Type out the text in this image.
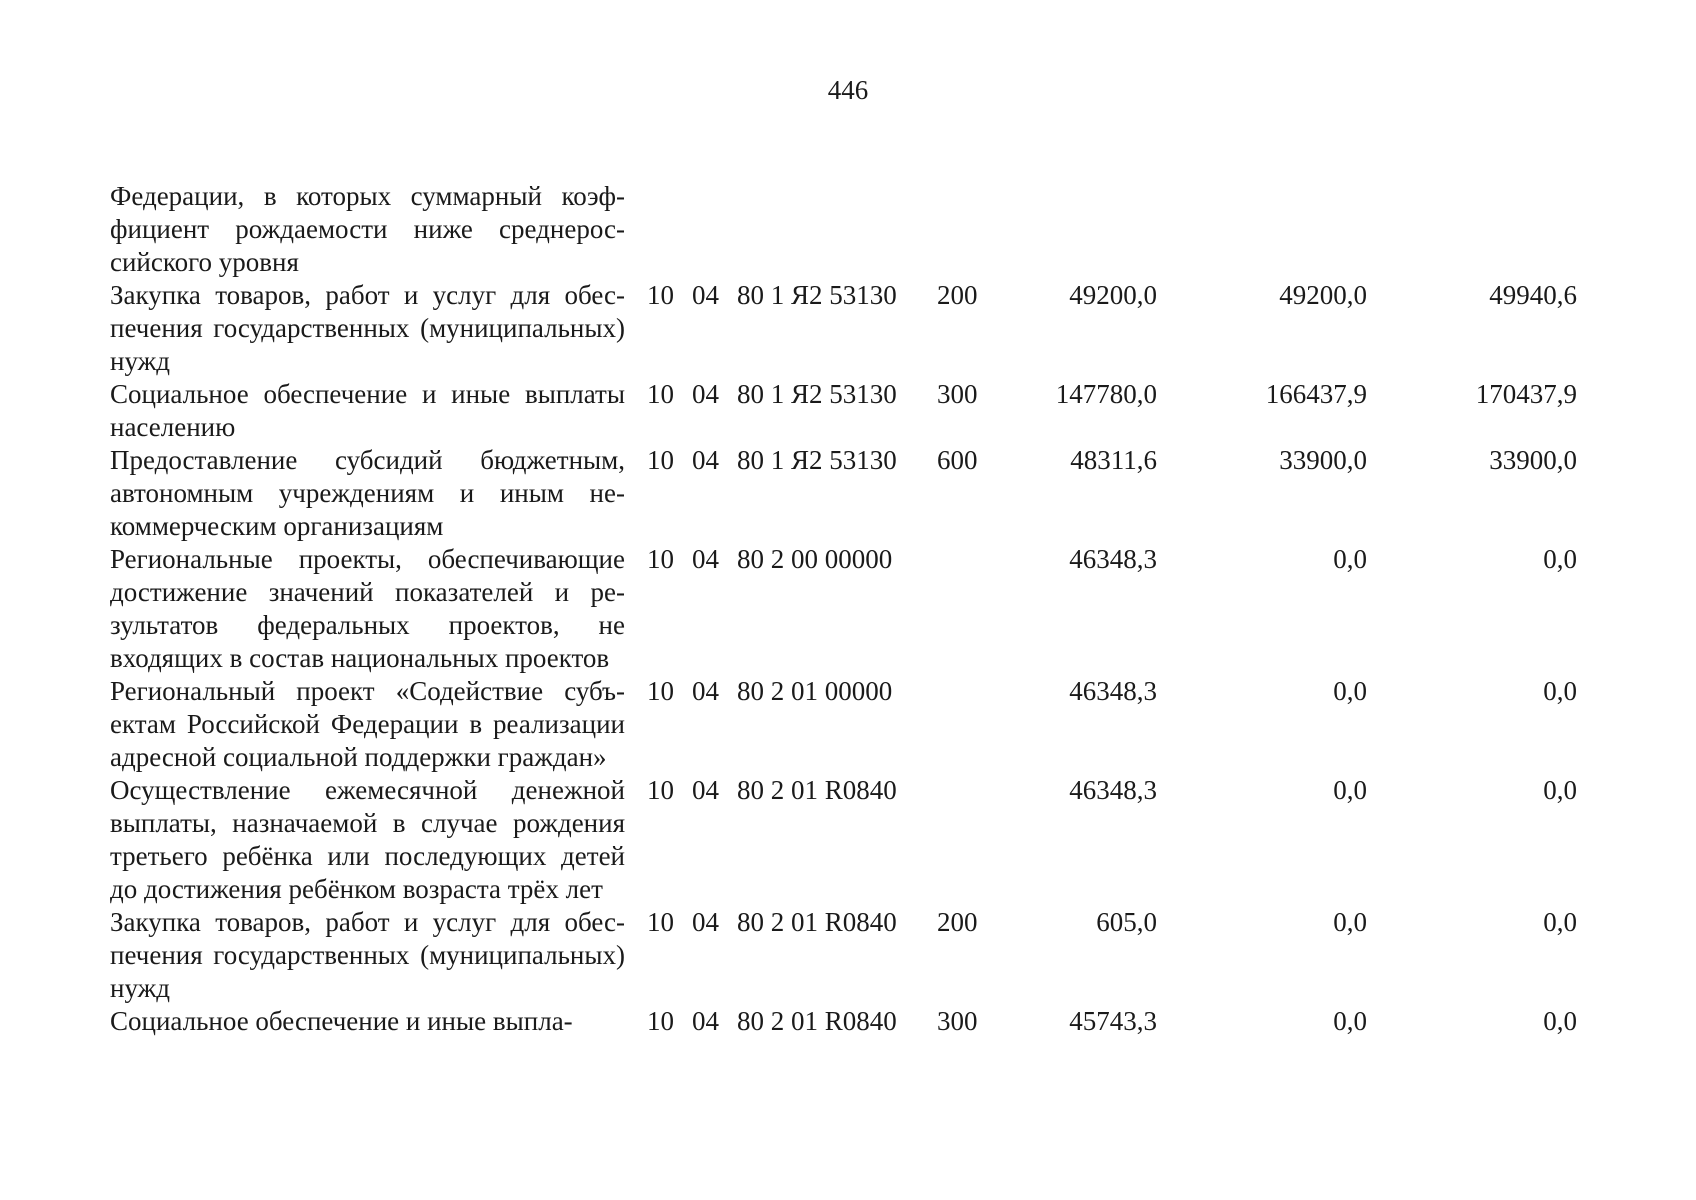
446
Федерации, в которых суммарный коэффициент рождаемости ниже среднероссийского уровня							
Закупка товаров, работ и услуг для обеспечения государственных (муниципальных) нужд	10	04	80 1 Я2 53130	200	49200,0	49200,0	49940,6
Социальное обеспечение и иные выплаты населению	10	04	80 1 Я2 53130	300	147780,0	166437,9	170437,9
Предоставление субсидий бюджетным, автономным учреждениям и иным некоммерческим организациям	10	04	80 1 Я2 53130	600	48311,6	33900,0	33900,0
Региональные проекты, обеспечивающие достижение значений показателей и результатов федеральных проектов, не входящих в состав национальных проектов	10	04	80 2 00 00000		46348,3	0,0	0,0
Региональный проект «Содействие субъектам Российской Федерации в реализации адресной социальной поддержки граждан»	10	04	80 2 01 00000		46348,3	0,0	0,0
Осуществление ежемесячной денежной выплаты, назначаемой в случае рождения третьего ребёнка или последующих детей до достижения ребёнком возраста трёх лет	10	04	80 2 01 R0840		46348,3	0,0	0,0
Закупка товаров, работ и услуг для обеспечения государственных (муниципальных) нужд	10	04	80 2 01 R0840	200	605,0	0,0	0,0
Социальное обеспечение и иные выпла-	10	04	80 2 01 R0840	300	45743,3	0,0	0,0
